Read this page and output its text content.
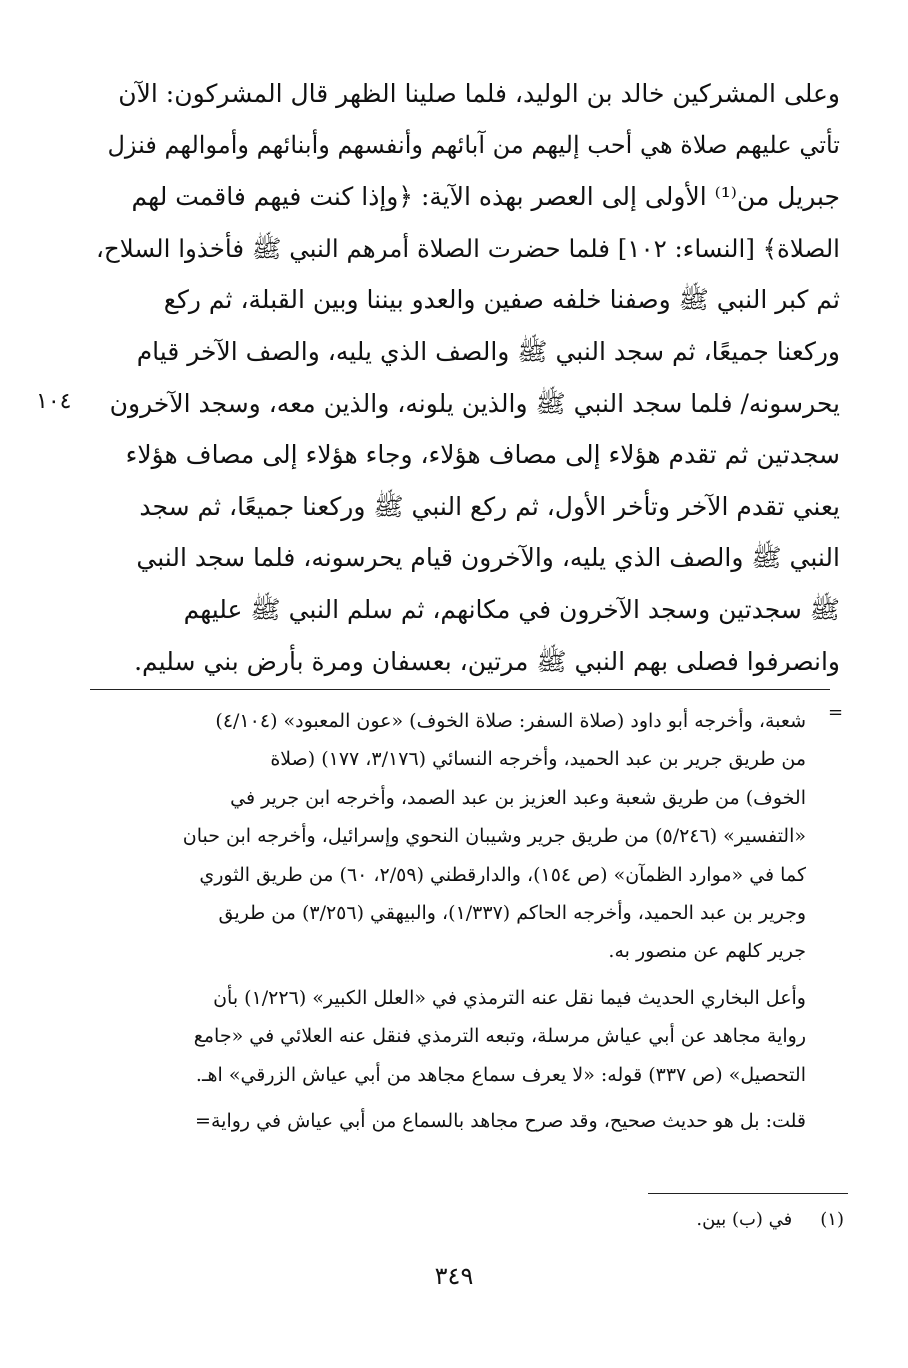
وعلى المشركين خالد بن الوليد، فلما صلينا الظهر قال المشركون: الآن
تأتي عليهم صلاة هي أحب إليهم من آبائهم وأنفسهم وأبنائهم وأموالهم فنزل
جبريل من⁽¹⁾ الأولى إلى العصر بهذه الآية: ﴿وإذا كنت فيهم فاقمت لهم
الصلاة﴾ [النساء: ١٠٢] فلما حضرت الصلاة أمرهم النبي ﷺ فأخذوا السلاح،
ثم كبر النبي ﷺ وصفنا خلفه صفين والعدو بيننا وبين القبلة، ثم ركع
وركعنا جميعًا، ثم سجد النبي ﷺ والصف الذي يليه، والصف الآخر قيام
يحرسونه/ فلما سجد النبي ﷺ والذين يلونه، والذين معه، وسجد الآخرون
سجدتين ثم تقدم هؤلاء إلى مصاف هؤلاء، وجاء هؤلاء إلى مصاف هؤلاء
يعني تقدم الآخر وتأخر الأول، ثم ركع النبي ﷺ وركعنا جميعًا، ثم سجد
النبي ﷺ والصف الذي يليه، والآخرون قيام يحرسونه، فلما سجد النبي
ﷺ سجدتين وسجد الآخرون في مكانهم، ثم سلم النبي ﷺ عليهم
وانصرفوا فصلى بهم النبي ﷺ مرتين، بعسفان ومرة بأرض بني سليم.
١٠٤
=
شعبة، وأخرجه أبو داود (صلاة السفر: صلاة الخوف) «عون المعبود» (٤/١٠٤)
من طريق جرير بن عبد الحميد، وأخرجه النسائي (٣/١٧٦، ١٧٧) (صلاة
الخوف) من طريق شعبة وعبد العزيز بن عبد الصمد، وأخرجه ابن جرير في
«التفسير» (٥/٢٤٦) من طريق جرير وشيبان النحوي وإسرائيل، وأخرجه ابن حبان
كما في «موارد الظمآن» (ص ١٥٤)، والدارقطني (٢/٥٩، ٦٠) من طريق الثوري
وجرير بن عبد الحميد، وأخرجه الحاكم (١/٣٣٧)، والبيهقي (٣/٢٥٦) من طريق
جرير كلهم عن منصور به.
وأعل البخاري الحديث فيما نقل عنه الترمذي في «العلل الكبير» (١/٢٢٦) بأن
رواية مجاهد عن أبي عياش مرسلة، وتبعه الترمذي فنقل عنه العلائي في «جامع
التحصيل» (ص ٣٣٧) قوله: «لا يعرف سماع مجاهد من أبي عياش الزرقي» اهـ.
قلت: بل هو حديث صحيح، وقد صرح مجاهد بالسماع من أبي عياش في رواية=
(١) في (ب) بين.
٣٤٩
